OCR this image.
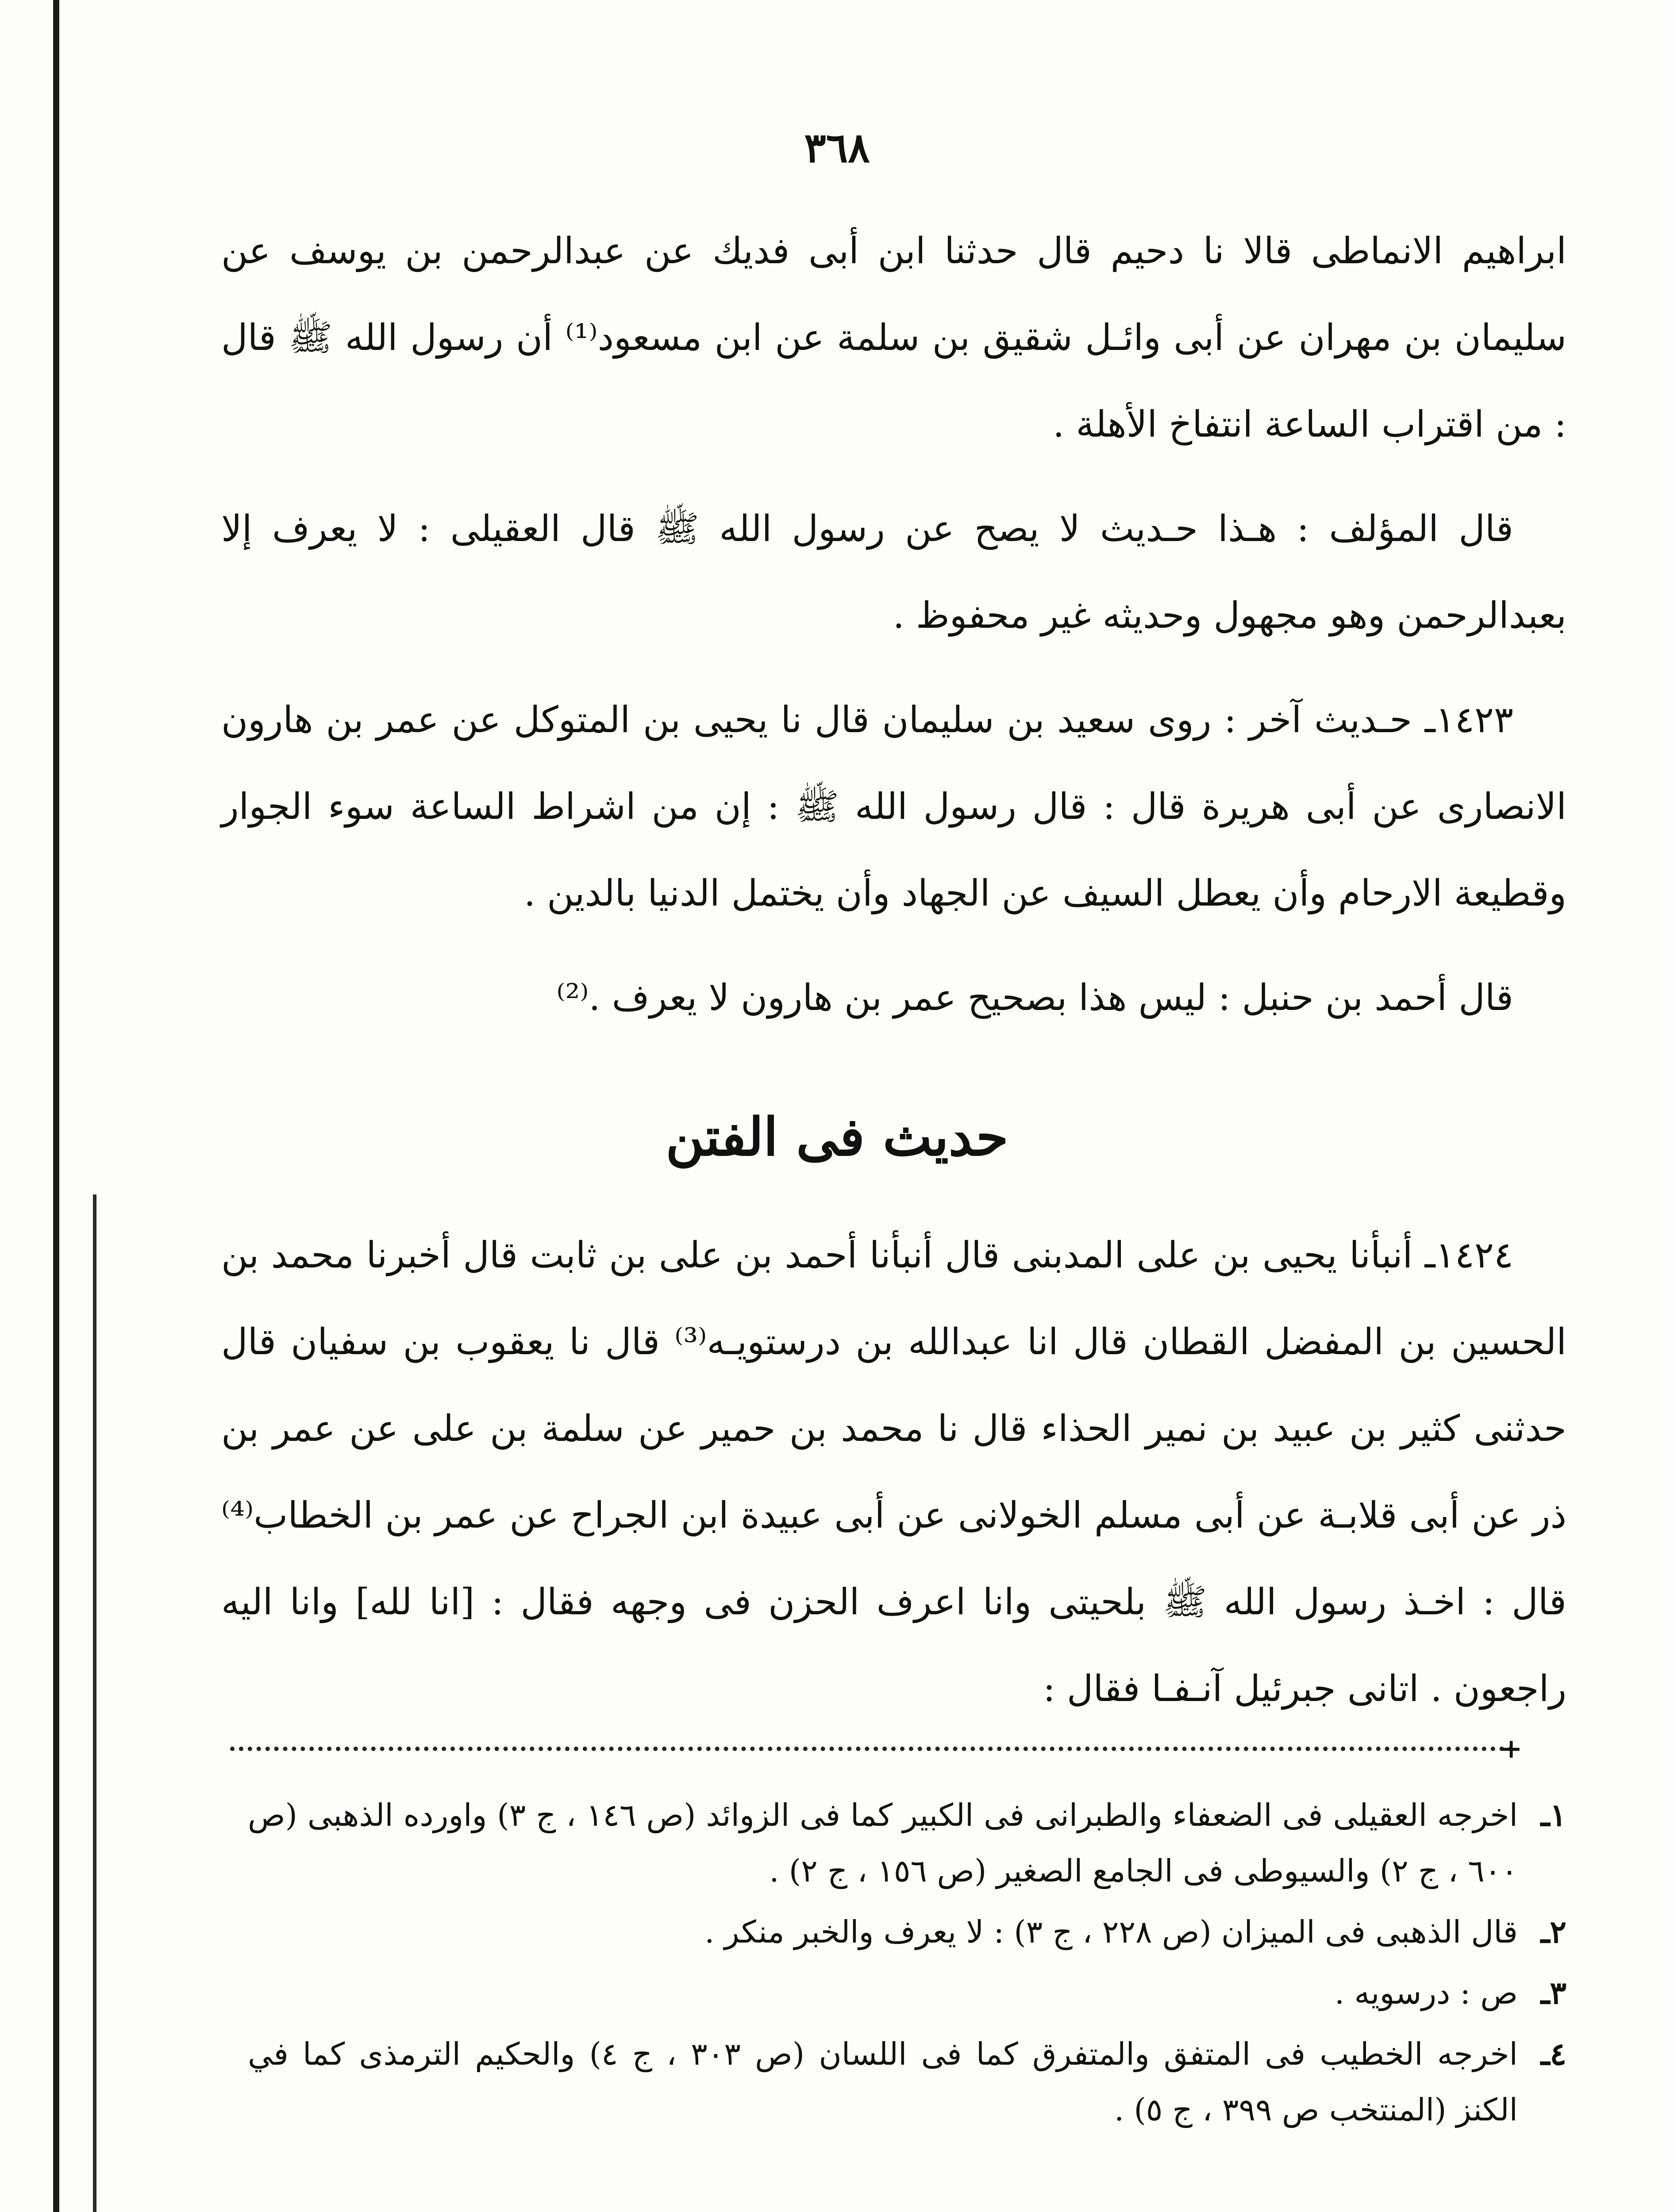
٣٦٨

ابراهيم الانماطى قالا نا دحيم قال حدثنا ابن أبى فديك عن عبدالرحمن بن يوسف عن سليمان بن مهران عن أبى وائـل شقيق بن سلمة عن ابن مسعود⁽¹⁾ أن رسول الله ﷺ قال : من اقتراب الساعة انتفاخ الأهلة .

قال المؤلف : هـذا حـديث لا يصح عن رسول الله ﷺ قال العقيلى : لا يعرف إلا بعبدالرحمن وهو مجهول وحديثه غير محفوظ .

١٤٢٣ـ حـديث آخر : روى سعيد بن سليمان قال نا يحيى بن المتوكل عن عمر بن هارون الانصارى عن أبى هريرة قال : قال رسول الله ﷺ : إن من اشراط الساعة سوء الجوار وقطيعة الارحام وأن يعطل السيف عن الجهاد وأن يختمل الدنيا بالدين .

قال أحمد بن حنبل : ليس هذا بصحيح عمر بن هارون لا يعرف .⁽²⁾

حديث فى الفتن

١٤٢٤ـ أنبأنا يحيى بن على المدبنى قال أنبأنا أحمد بن على بن ثابت قال أخبرنا محمد بن الحسين بن المفضل القطان قال انا عبدالله بن درستويـه⁽³⁾ قال نا يعقوب بن سفيان قال حدثنى كثير بن عبيد بن نمير الحذاء قال نا محمد بن حمير عن سلمة بن على عن عمر بن ذر عن أبى قلابـة عن أبى مسلم الخولانى عن أبى عبيدة ابن الجراح عن عمر بن الخطاب⁽⁴⁾ قال : اخـذ رسول الله ﷺ بلحيتى وانا اعرف الحزن فى وجهه فقال : [انا لله] وانا اليه راجعون . اتانى جبرئيل آنـفـا فقال :

+
١ـ
اخرجه العقيلى فى الضعفاء والطبرانى فى الكبير كما فى الزوائد (ص ١٤٦ ، ج ٣) واورده الذهبى (ص ٦٠٠ ، ج ٢) والسيوطى فى الجامع الصغير (ص ١٥٦ ، ج ٢) .
٢ـ
قال الذهبى فى الميزان (ص ٢٢٨ ، ج ٣) : لا يعرف والخبر منكر .
٣ـ
ص : درسويه .
٤ـ
اخرجه الخطيب فى المتفق والمتفرق كما فى اللسان (ص ٣٠٣ ، ج ٤) والحكيم الترمذى كما في الكنز (المنتخب ص ٣٩٩ ، ج ٥) .
